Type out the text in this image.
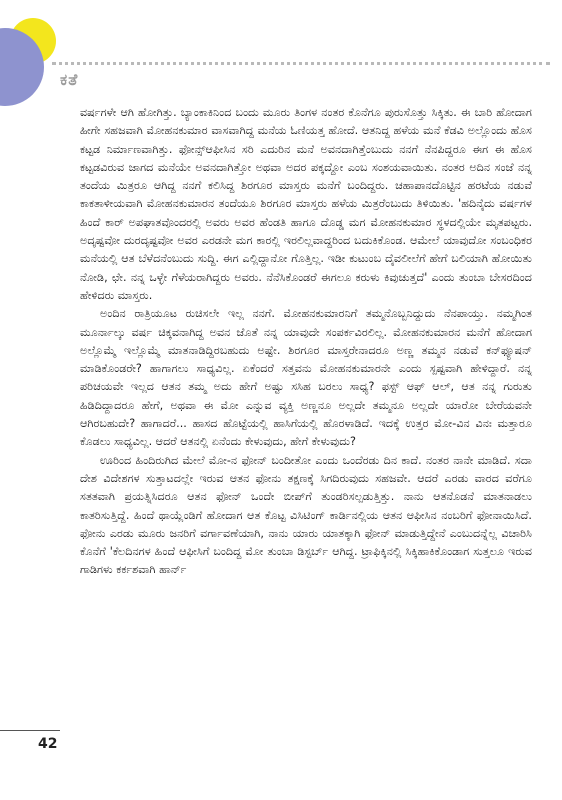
ಕತೆ

ವರ್ಷಗಳೇ ಆಗಿ ಹೋಗಿತ್ತು. ಬ್ಯಾಂಕಾಕಿನಿಂದ ಬಂದು ಮೂರು ತಿಂಗಳ ನಂತರ ಕೊನೆಗೂ ಪುರುಸೊತ್ತು ಸಿಕ್ಕಿತು. ಈ ಬಾರಿ ಹೋದಾಗ ಹೀಗೇ ಸಹಜವಾಗಿ ಮೋಹನಕುಮಾರ ವಾಸವಾಗಿದ್ದ ಮನೆಯ ಓಣಿಯತ್ತ ಹೋದೆ. ಆತನಿದ್ದ ಹಳೆಯ ಮನೆ ಕೆಡವಿ ಅಲ್ಲೊಂದು ಹೊಸ ಕಟ್ಟಡ ನಿರ್ಮಾಣವಾಗಿತ್ತು. ಫೋನ್ಸ್‌ಆಫೀಸಿನ ಸರಿ ಎದುರಿನ ಮನೆ ಅವನದಾಗಿತ್ತೆಂಬುದು ನನಗೆ ನೆನಪಿದ್ದರೂ ಈಗ ಈ ಹೊಸ ಕಟ್ಟಡವಿರುವ ಜಾಗದ ಮನೆಯೇ ಅವನದಾಗಿತ್ತೋ ಅಥವಾ ಅದರ ಪಕ್ಕದ್ದೋ ಎಂಬ ಸಂಶಯವಾಯಿತು. ನಂತರ ಅದಿನ ಸಂಜೆ ನನ್ನ ತಂದೆಯ ಮಿತ್ರರೂ ಆಗಿದ್ದ ನನಗೆ ಕಲಿಸಿದ್ದ ಶಿರಗೂರ ಮಾಸ್ತರು ಮನೆಗೆ ಬಂದಿದ್ದರು. ಚಹಾಪಾನದೊಟ್ಟಿನ ಹರಟೆಯ ನಡುವೆ ಕಾಕತಾಳೀಯವಾಗಿ ಮೋಹನಕುಮಾರನ ತಂದೆಯೂ ಶಿರಗೂರ ಮಾಸ್ತರು ಹಳೆಯ ಮಿತ್ರರೆಂಬುದು ತಿಳಿಯಿತು. 'ಹದಿನೈದು ವರ್ಷಗಳ ಹಿಂದೆ ಕಾರ್ ಅಪಘಾತವೊಂದರಲ್ಲಿ ಅವರು ಅವರ ಹೆಂಡತಿ ಹಾಗೂ ದೊಡ್ಡ ಮಗ ಮೋಹನಕುಮಾರ ಸ್ಥಳದಲ್ಲಿಯೇ ಮೃತಪಟ್ಟರು. ಅದೃಷ್ಟವೋ ದುರದೃಷ್ಟವೋ ಅವರ ಎರಡನೇ ಮಗ ಕಾರಲ್ಲಿ ಇರಲಿಲ್ಲವಾದ್ದರಿಂದ ಬದುಕಿಕೊಂಡ. ಆಮೇಲೆ ಯಾವುದೋ ಸಂಬಂಧಿಕರ ಮನೆಯಲ್ಲಿ ಆತ ಬೆಳೆದನೆಂಬುದು ಸುದ್ದಿ. ಈಗ ಎಲ್ಲಿದ್ದಾನೋ ಗೊತ್ತಿಲ್ಲ. ಇಡೀ ಕುಟುಂಬ ದೈವಲೀಲೆಗೆ ಹೇಗೆ ಬಲಿಯಾಗಿ ಹೋಯಿತು ನೋಡಿ, ಛೇ. ನನ್ನ ಒಳ್ಳೇ ಗೆಳೆಯರಾಗಿದ್ದರು ಅವರು. ನೆನೆಸಿಕೊಂಡರೆ ಈಗಲೂ ಕರುಳು ಕಿವುಚುತ್ತದೆ' ಎಂದು ತುಂಬಾ ಬೇಸರದಿಂದ ಹೇಳಿದರು ಮಾಸ್ತರು.

ಅಂದಿನ ರಾತ್ರಿಯೂಟ ರುಚಿಸಲೇ ಇಲ್ಲ ನನಗೆ. ಮೋಹನಕುಮಾರನಿಗೆ ತಮ್ಮನೊಬ್ಬನಿದ್ದುದು ನೆನಪಾಯ್ತು. ನಮ್ಮಗಿಂತ ಮೂರ್ನಾಲ್ಕು ವರ್ಷ ಚಿಕ್ಕವನಾಗಿದ್ದ ಅವನ ಜೊತೆ ನನ್ನ ಯಾವುದೇ ಸಂಪರ್ಕವಿರಲಿಲ್ಲ. ಮೋಹನಕುಮಾರನ ಮನೆಗೆ ಹೋದಾಗ ಅಲ್ಲೊಮ್ಮೆ ಇಲ್ಲೊಮ್ಮೆ ಮಾತನಾಡಿದ್ದಿರಬಹುದು ಅಷ್ಟೇ. ಶಿರಗೂರ ಮಾಸ್ತರೇನಾದರೂ ಅಣ್ಣ ತಮ್ಮನ ನಡುವೆ ಕನ್‌ಫ್ಯೂಷನ್ ಮಾಡಿಕೊಂಡರೇ? ಹಾಗಾಗಲು ಸಾಧ್ಯವಿಲ್ಲ. ಏಕೆಂದರೆ ಸತ್ತವನು ಮೋಹನಕುಮಾರನೇ ಎಂದು ಸ್ಪಷ್ಟವಾಗಿ ಹೇಳಿದ್ದಾರೆ. ನನ್ನ ಪರಿಚಯವೇ ಇಲ್ಲದ ಆತನ ತಮ್ಮ ಅದು ಹೇಗೆ ಅಷ್ಟು ಸಸಿಹ ಬರಲು ಸಾಧ್ಯ? ಫಸ್ಟ್ ಆಫ್ ಆಲ್, ಆತ ನನ್ನ ಗುರುತು ಹಿಡಿದಿದ್ದಾದರೂ ಹೇಗೆ, ಅಥವಾ ಈ ಮೋ ಎನ್ನುವ ವ್ಯಕ್ತಿ ಅಣ್ಣನೂ ಅಲ್ಲದೇ ತಮ್ಮನೂ ಅಲ್ಲದೇ ಯಾರೋ ಬೇರೆಯವನೇ ಆಗಿರಬಹುದೇ? ಹಾಗಾದರೆ... ಹಾಸದ ಹೊಟ್ಟೆಯಲ್ಲಿ ಹಾಸಿಗೆಯಲ್ಲಿ ಹೊರಳಾಡಿದೆ. ಇದಕ್ಕೆ ಉತ್ತರ ಮೋ-ವಿನ ವಿನಃ ಮತ್ತಾರೂ ಕೊಡಲು ಸಾಧ್ಯವಿಲ್ಲ. ಆದರೆ ಆತನಲ್ಲಿ ಏನೆಂದು ಕೇಳುವುದು, ಹೇಗೆ ಕೇಳುವುದು?

ಊರಿಂದ ಹಿಂದಿರುಗಿದ ಮೇಲೆ ಮೋ-ನ ಫೋನ್ ಬಂದೀತೋ ಎಂದು ಒಂದೆರಡು ದಿನ ಕಾದೆ. ನಂತರ ನಾನೇ ಮಾಡಿದೆ. ಸದಾ ದೇಶ ವಿದೇಶಗಳ ಸುತ್ತಾಟದಲ್ಲೇ ಇರುವ ಆತನ ಫೋನು ತಕ್ಷಣಕ್ಕೆ ಸಿಗದಿರುವುದು ಸಹಜವೇ. ಆದರೆ ಎರಡು ವಾರದ ವರೆಗೂ ಸತತವಾಗಿ ಪ್ರಯತ್ನಿಸಿದರೂ ಆತನ ಫೋನ್ ಒಂದೇ ಬೀಪ್‌ಗೆ ತುಂಡರಿಸಲ್ಪಡುತ್ತಿತ್ತು. ನಾನು ಆತನೊಡನೆ ಮಾತನಾಡಲು ಕಾತರಿಸುತ್ತಿದ್ದೆ. ಹಿಂದೆ ಥಾಯ್ಲೆಂಡಿಗೆ ಹೋದಾಗ ಆತ ಕೊಟ್ಟ ವಿಸಿಟಿಂಗ್ ಕಾರ್ಡಿನಲ್ಲಿಯ ಆತನ ಆಫೀಸಿನ ನಂಬರಿಗೆ ಫೋನಾಯಿಸಿದೆ. ಫೋನು ಎರಡು ಮೂರು ಜನರಿಗೆ ವರ್ಗಾವಣೆಯಾಗಿ, ನಾನು ಯಾರು ಯಾತಕ್ಕಾಗಿ ಫೋನ್ ಮಾಡುತ್ತಿದ್ದೇನೆ ಎಂಬುದನ್ನೆಲ್ಲ ವಿಚಾರಿಸಿ ಕೊನೆಗೆ 'ಕೆಲದಿನಗಳ ಹಿಂದೆ ಆಫೀಸಿಗೆ ಬಂದಿದ್ದ ಮೋ ತುಂಬಾ ಡಿಸ್ಟರ್ಬ್ ಆಗಿದ್ದ. ಟ್ರಾಫಿಕ್ಕಿನಲ್ಲಿ ಸಿಕ್ಕಿಹಾಕಿಕೊಂಡಾಗ ಸುತ್ತಲೂ ಇರುವ ಗಾಡಿಗಳು ಕರ್ಕಶವಾಗಿ ಹಾರ್ನ್

42
